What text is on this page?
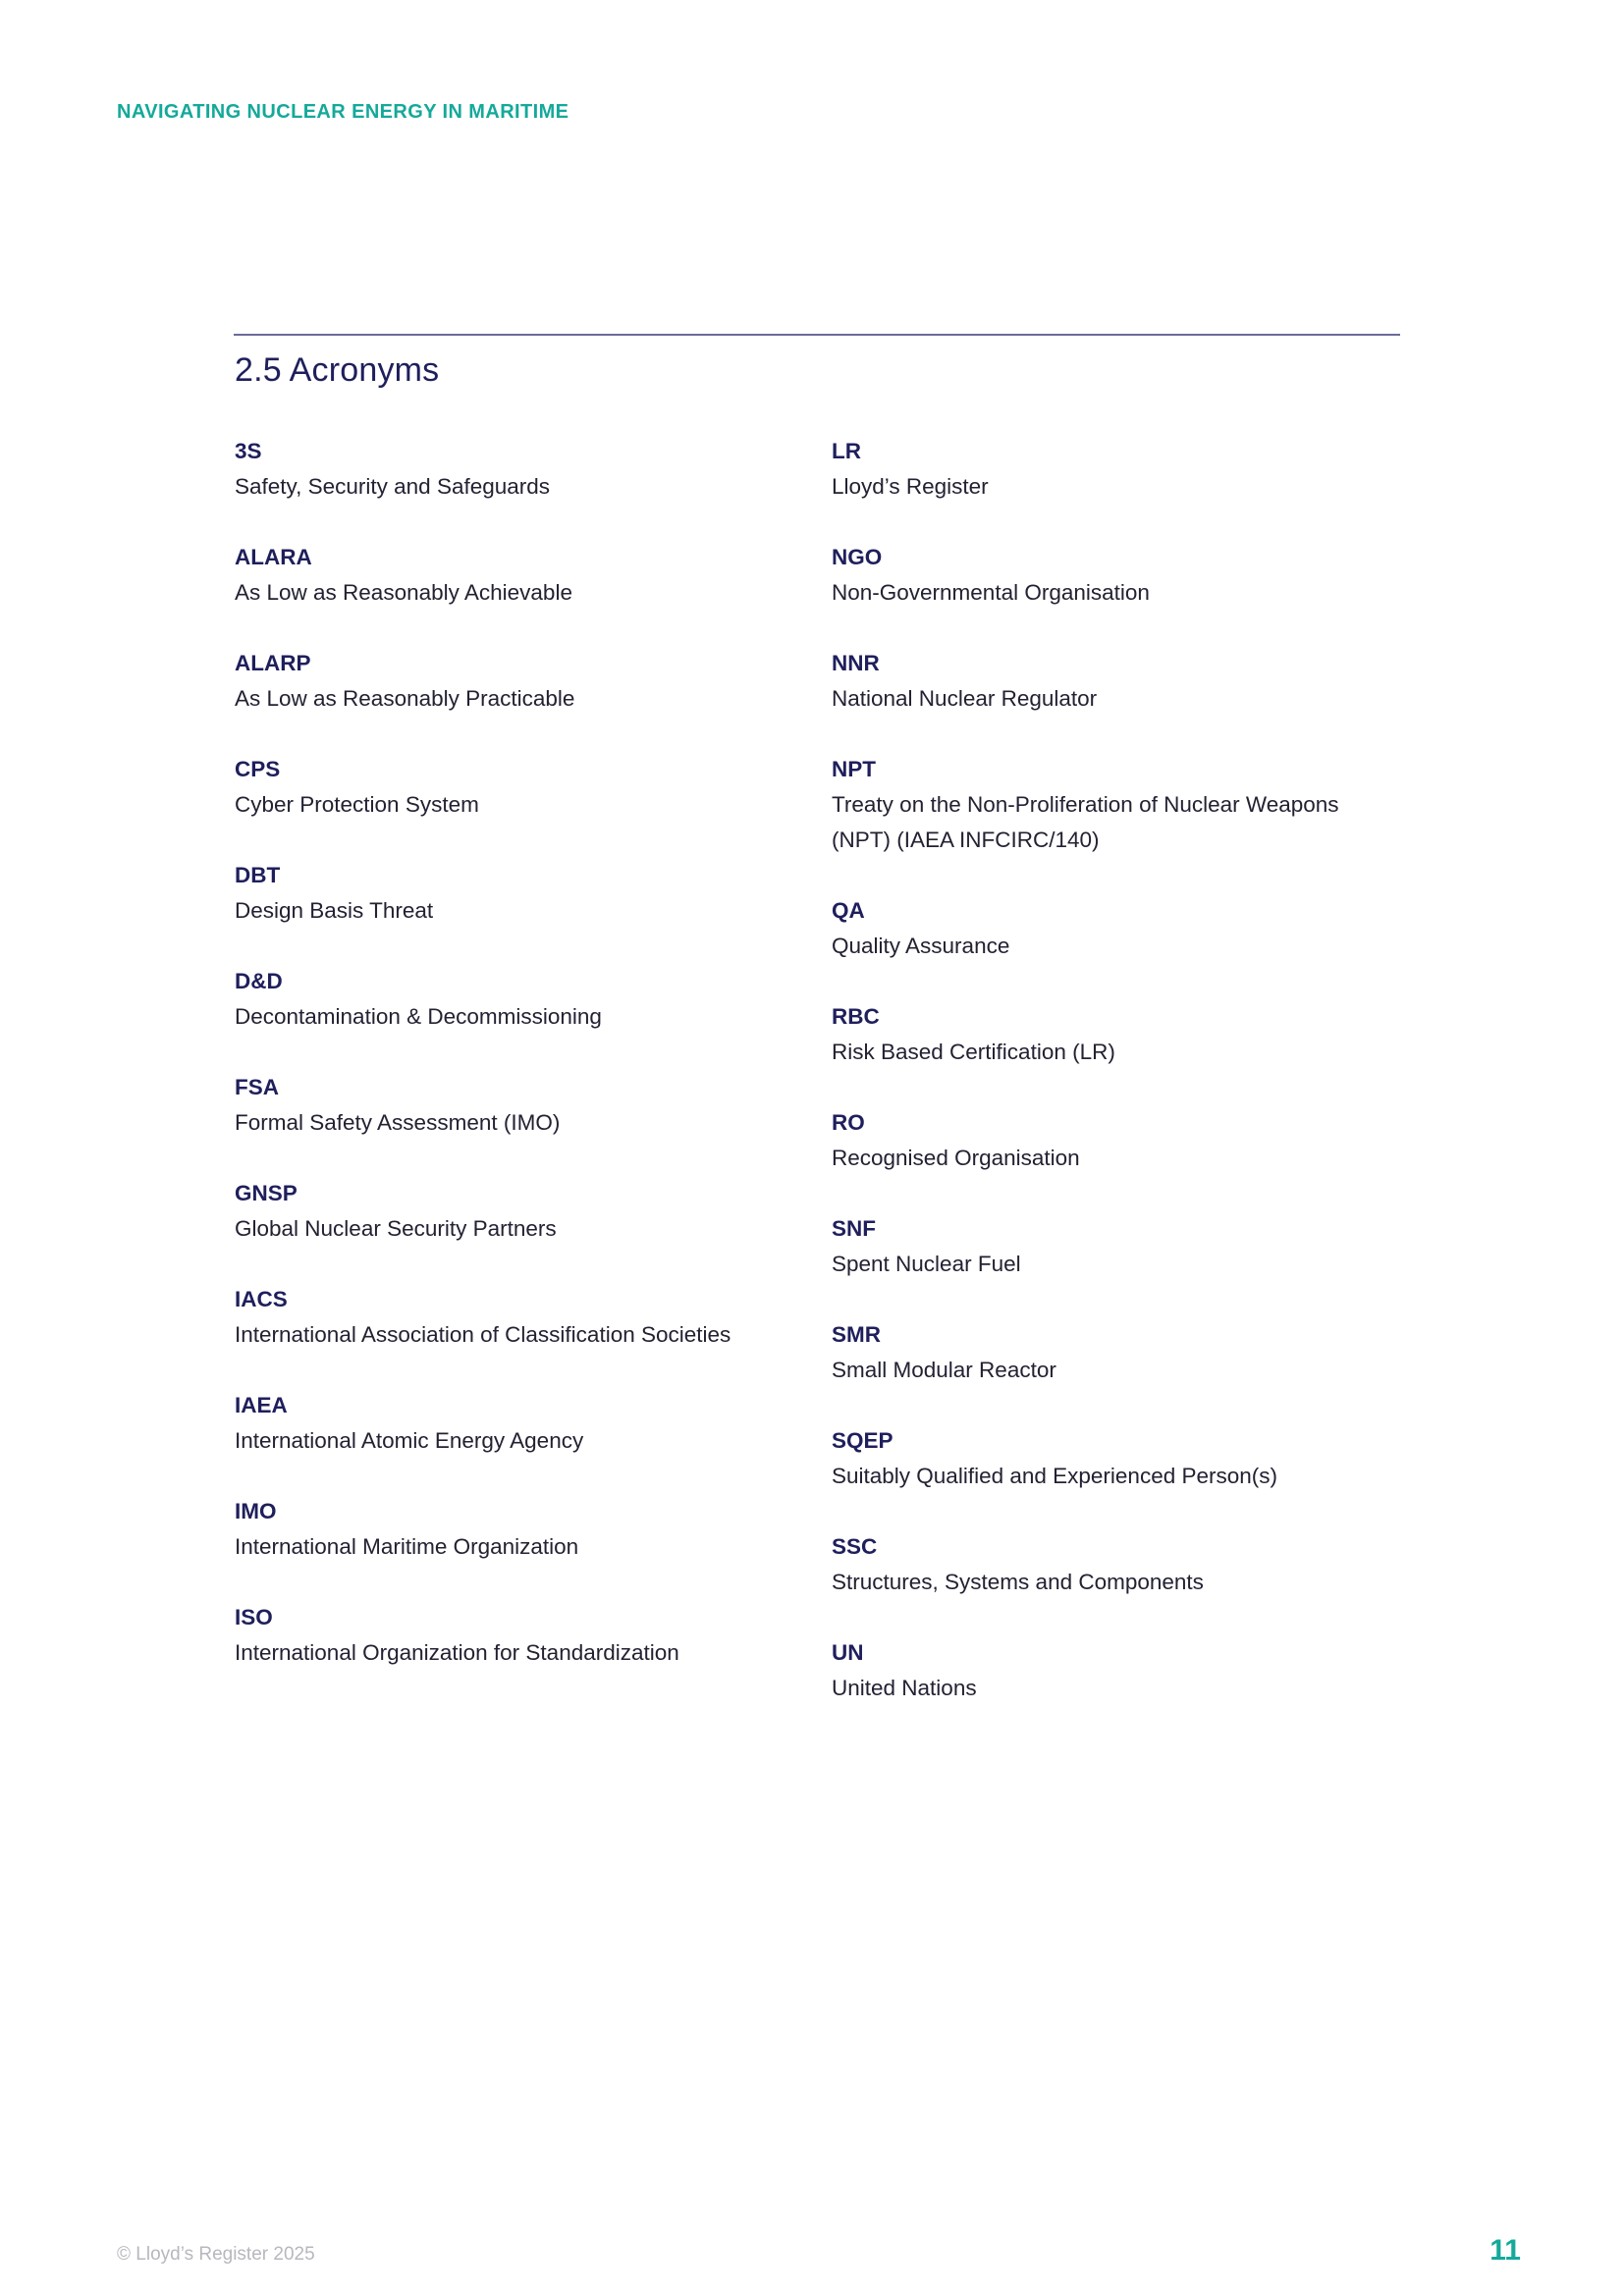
NAVIGATING NUCLEAR ENERGY IN MARITIME

2.5 Acronyms
3S
Safety, Security and Safeguards
ALARA
As Low as Reasonably Achievable
ALARP
As Low as Reasonably Practicable
CPS
Cyber Protection System
DBT
Design Basis Threat
D&D
Decontamination & Decommissioning
FSA
Formal Safety Assessment (IMO)
GNSP
Global Nuclear Security Partners
IACS
International Association of Classification Societies
IAEA
International Atomic Energy Agency
IMO
International Maritime Organization
ISO
International Organization for Standardization
LR
Lloyd’s Register
NGO
Non-Governmental Organisation
NNR
National Nuclear Regulator
NPT
Treaty on the Non-Proliferation of Nuclear Weapons (NPT) (IAEA INFCIRC/140)
QA
Quality Assurance
RBC
Risk Based Certification (LR)
RO
Recognised Organisation
SNF
Spent Nuclear Fuel
SMR
Small Modular Reactor
SQEP
Suitably Qualified and Experienced Person(s)
SSC
Structures, Systems and Components
UN
United Nations
© Lloyd’s Register 2025	11
